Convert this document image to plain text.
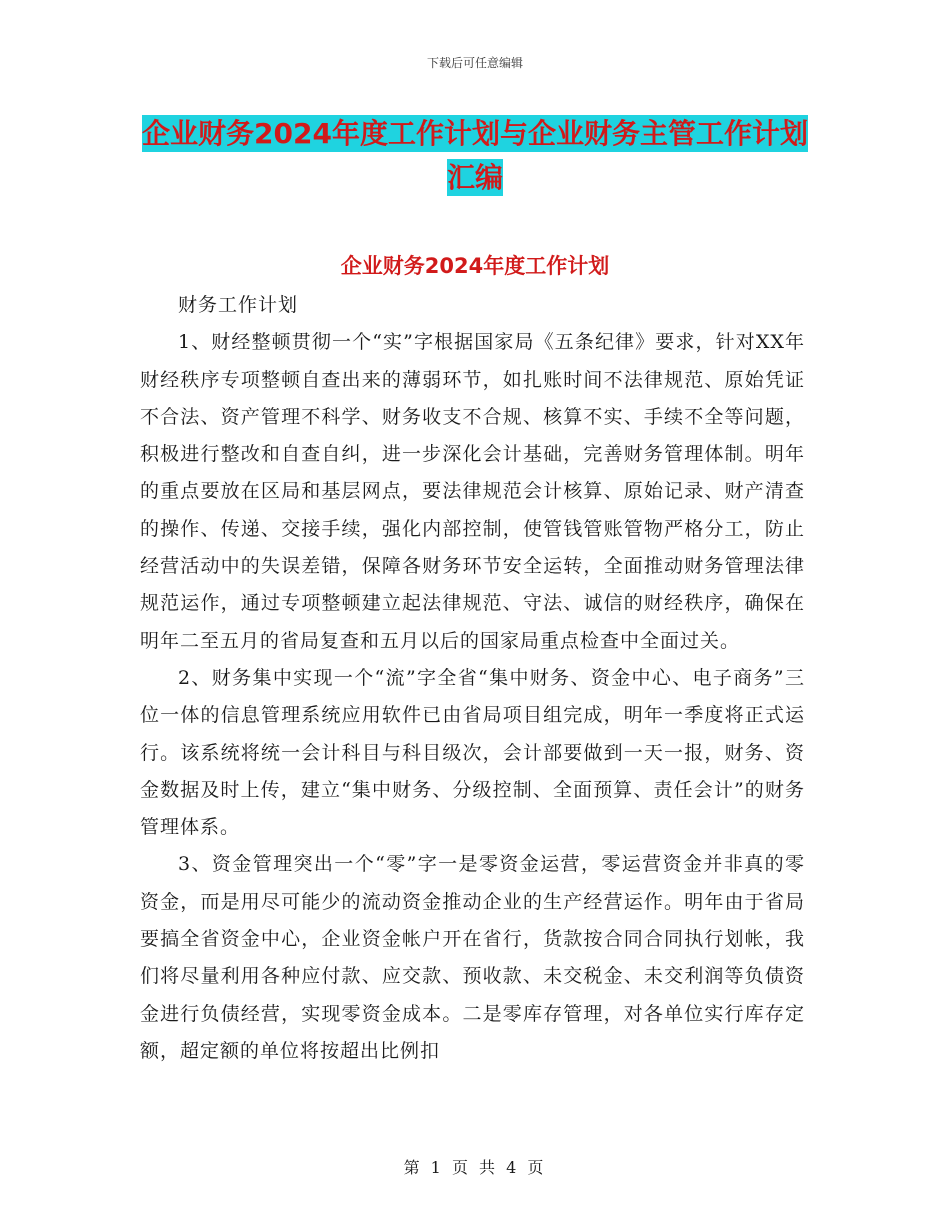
下载后可任意编辑
企业财务2024年度工作计划与企业财务主管工作计划
汇编
企业财务2024年度工作计划

财务工作计划

1、财经整顿贯彻一个“实”字根据国家局《五条纪律》要求，针对XX年财经秩序专项整顿自查出来的薄弱环节，如扎账时间不法律规范、原始凭证不合法、资产管理不科学、财务收支不合规、核算不实、手续不全等问题，积极进行整改和自查自纠，进一步深化会计基础，完善财务管理体制。明年的重点要放在区局和基层网点，要法律规范会计核算、原始记录、财产清查的操作、传递、交接手续，强化内部控制，使管钱管账管物严格分工，防止经营活动中的失误差错，保障各财务环节安全运转，全面推动财务管理法律规范运作，通过专项整顿建立起法律规范、守法、诚信的财经秩序，确保在明年二至五月的省局复查和五月以后的国家局重点检查中全面过关。

2、财务集中实现一个“流”字全省“集中财务、资金中心、电子商务”三位一体的信息管理系统应用软件已由省局项目组完成，明年一季度将正式运行。该系统将统一会计科目与科目级次，会计部要做到一天一报，财务、资金数据及时上传，建立“集中财务、分级控制、全面预算、责任会计”的财务管理体系。

3、资金管理突出一个“零”字一是零资金运营，零运营资金并非真的零资金，而是用尽可能少的流动资金推动企业的生产经营运作。明年由于省局要搞全省资金中心，企业资金帐户开在省行，货款按合同合同执行划帐，我们将尽量利用各种应付款、应交款、预收款、未交税金、未交利润等负债资金进行负债经营，实现零资金成本。二是零库存管理，对各单位实行库存定额，超定额的单位将按超出比例扣

第 1 页 共 4 页
